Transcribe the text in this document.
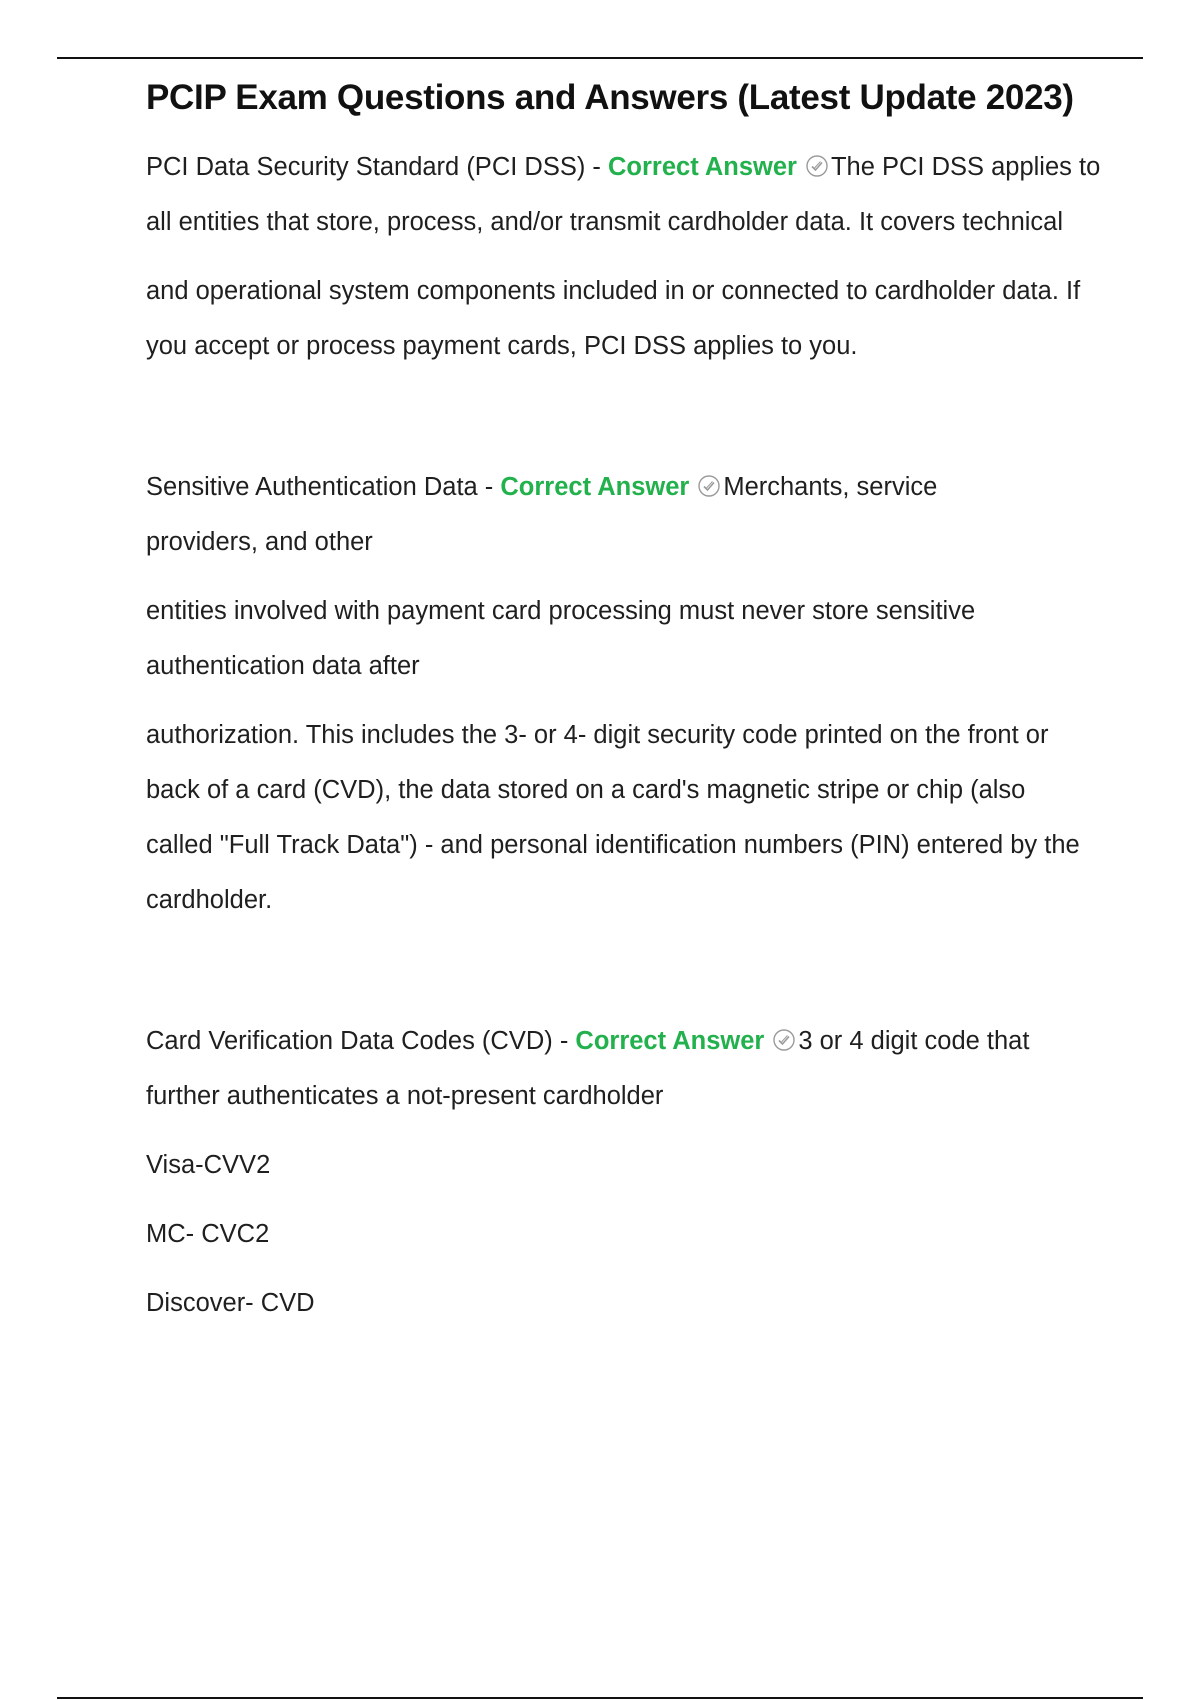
PCIP Exam Questions and Answers (Latest Update 2023)

PCI Data Security Standard (PCI DSS) - Correct Answer The PCI DSS applies to all entities that store, process, and/or transmit cardholder data. It covers technical

and operational system components included in or connected to cardholder data. If you accept or process payment cards, PCI DSS applies to you.

Sensitive Authentication Data - Correct Answer Merchants, service providers, and other

entities involved with payment card processing must never store sensitive authentication data after

authorization. This includes the 3- or 4- digit security code printed on the front or back of a card (CVD), the data stored on a card's magnetic stripe or chip (also called "Full Track Data") - and personal identification numbers (PIN) entered by the cardholder.

Card Verification Data Codes (CVD) - Correct Answer 3 or 4 digit code that further authenticates a not-present cardholder

Visa-CVV2

MC- CVC2

Discover- CVD
